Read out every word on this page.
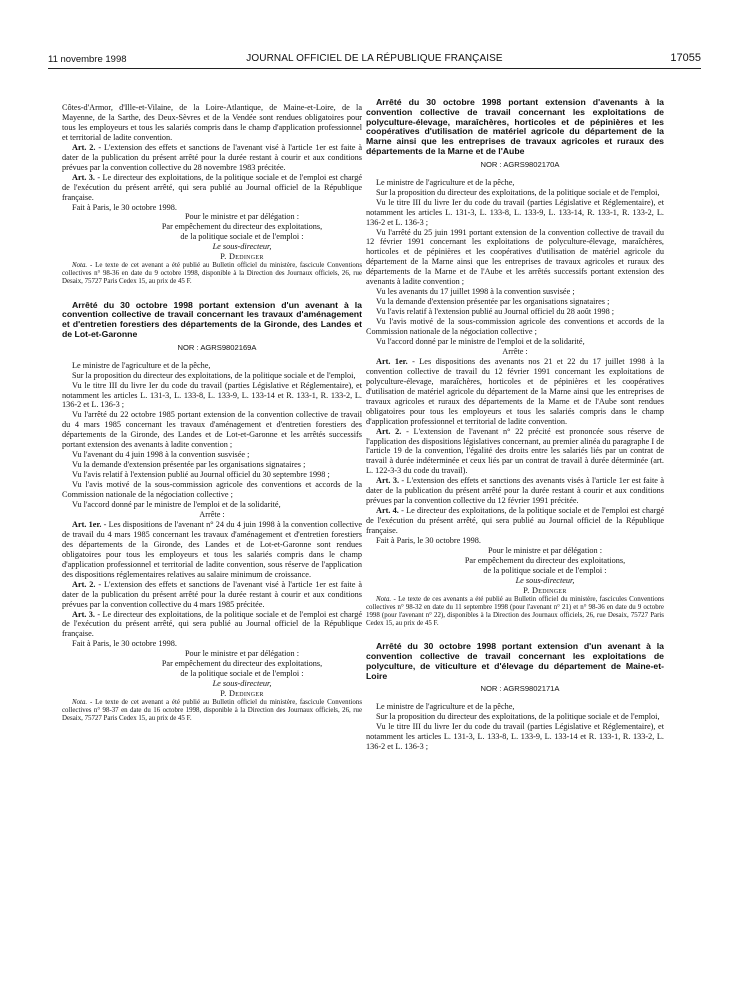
11 novembre 1998	JOURNAL OFFICIEL DE LA RÉPUBLIQUE FRANÇAISE	17055

Côtes-d'Armor, d'Ille-et-Vilaine, de la Loire-Atlantique, de Maine-et-Loire, de la Mayenne, de la Sarthe, des Deux-Sèvres et de la Vendée sont rendues obligatoires pour tous les employeurs et tous les salariés compris dans le champ d'application professionnel et territorial de ladite convention.

Art. 2. - L'extension des effets et sanctions de l'avenant visé à l'article 1er est faite à dater de la publication du présent arrêté pour la durée restant à courir et aux conditions prévues par la convention collective du 28 novembre 1983 précitée.

Art. 3. - Le directeur des exploitations, de la politique sociale et de l'emploi est chargé de l'exécution du présent arrêté, qui sera publié au Journal officiel de la République française.

Fait à Paris, le 30 octobre 1998.

Pour le ministre et par délégation :

Par empêchement du directeur des exploitations,

de la politique sociale et de l'emploi :

Le sous-directeur,

P. Dedinger

Nota. - Le texte de cet avenant a été publié au Bulletin officiel du ministère, fascicule Conventions collectives n° 98-36 en date du 9 octobre 1998, disponible à la Direction des Journaux officiels, 26, rue Desaix, 75727 Paris Cedex 15, au prix de 45 F.

Arrêté du 30 octobre 1998 portant extension d'un avenant à la convention collective de travail concernant les travaux d'aménagement et d'entretien forestiers des départements de la Gironde, des Landes et de Lot-et-Garonne

NOR : AGRS9802169A

Le ministre de l'agriculture et de la pêche,

Sur la proposition du directeur des exploitations, de la politique sociale et de l'emploi,

Vu le titre III du livre Ier du code du travail (parties Législative et Réglementaire), et notamment les articles L. 131-3, L. 133-8, L. 133-9, L. 133-14 et R. 133-1, R. 133-2, L. 136-2 et L. 136-3 ;

Vu l'arrêté du 22 octobre 1985 portant extension de la convention collective de travail du 4 mars 1985 concernant les travaux d'aménagement et d'entretien forestiers des départements de la Gironde, des Landes et de Lot-et-Garonne et les arrêtés successifs portant extension des avenants à ladite convention ;

Vu l'avenant du 4 juin 1998 à la convention susvisée ;

Vu la demande d'extension présentée par les organisations signataires ;

Vu l'avis relatif à l'extension publié au Journal officiel du 30 septembre 1998 ;

Vu l'avis motivé de la sous-commission agricole des conventions et accords de la Commission nationale de la négociation collective ;

Vu l'accord donné par le ministre de l'emploi et de la solidarité,

Arrête :

Art. 1er. - Les dispositions de l'avenant n° 24 du 4 juin 1998 à la convention collective de travail du 4 mars 1985 concernant les travaux d'aménagement et d'entretien forestiers des départements de la Gironde, des Landes et de Lot-et-Garonne sont rendues obligatoires pour tous les employeurs et tous les salariés compris dans le champ d'application professionnel et territorial de ladite convention, sous réserve de l'application des dispositions réglementaires relatives au salaire minimum de croissance.

Art. 2. - L'extension des effets et sanctions de l'avenant visé à l'article 1er est faite à dater de la publication du présent arrêté pour la durée restant à courir et aux conditions prévues par la convention collective du 4 mars 1985 précitée.

Art. 3. - Le directeur des exploitations, de la politique sociale et de l'emploi est chargé de l'exécution du présent arrêté, qui sera publié au Journal officiel de la République française.

Fait à Paris, le 30 octobre 1998.

Pour le ministre et par délégation :

Par empêchement du directeur des exploitations,

de la politique sociale et de l'emploi :

Le sous-directeur,

P. Dedinger

Nota. - Le texte de cet avenant a été publié au Bulletin officiel du ministère, fascicule Conventions collectives n° 98-37 en date du 16 octobre 1998, disponible à la Direction des Journaux officiels, 26, rue Desaix, 75727 Paris Cedex 15, au prix de 45 F.

Arrêté du 30 octobre 1998 portant extension d'avenants à la convention collective de travail concernant les exploitations de polyculture-élevage, maraîchères, horticoles et de pépinières et les coopératives d'utilisation de matériel agricole du département de la Marne ainsi que les entreprises de travaux agricoles et ruraux des départements de la Marne et de l'Aube

NOR : AGRS9802170A

Le ministre de l'agriculture et de la pêche,

Sur la proposition du directeur des exploitations, de la politique sociale et de l'emploi,

Vu le titre III du livre Ier du code du travail (parties Législative et Réglementaire), et notamment les articles L. 131-3, L. 133-8, L. 133-9, L. 133-14, R. 133-1, R. 133-2, L. 136-2 et L. 136-3 ;

Vu l'arrêté du 25 juin 1991 portant extension de la convention collective de travail du 12 février 1991 concernant les exploitations de polyculture-élevage, maraîchères, horticoles et de pépinières et les coopératives d'utilisation de matériel agricole du département de la Marne ainsi que les entreprises de travaux agricoles et ruraux des départements de la Marne et de l'Aube et les arrêtés successifs portant extension des avenants à ladite convention ;

Vu les avenants du 17 juillet 1998 à la convention susvisée ;

Vu la demande d'extension présentée par les organisations signataires ;

Vu l'avis relatif à l'extension publié au Journal officiel du 28 août 1998 ;

Vu l'avis motivé de la sous-commission agricole des conventions et accords de la Commission nationale de la négociation collective ;

Vu l'accord donné par le ministre de l'emploi et de la solidarité,

Arrête :

Art. 1er. - Les dispositions des avenants nos 21 et 22 du 17 juillet 1998 à la convention collective de travail du 12 février 1991 concernant les exploitations de polyculture-élevage, maraîchères, horticoles et de pépinières et les coopératives d'utilisation de matériel agricole du département de la Marne ainsi que les entreprises de travaux agricoles et ruraux des départements de la Marne et de l'Aube sont rendues obligatoires pour tous les employeurs et tous les salariés compris dans le champ d'application professionnel et territorial de ladite convention.

Art. 2. - L'extension de l'avenant n° 22 précité est prononcée sous réserve de l'application des dispositions législatives concernant, au premier alinéa du paragraphe I de l'article 19 de la convention, l'égalité des droits entre les salariés liés par un contrat de travail à durée indéterminée et ceux liés par un contrat de travail à durée déterminée (art. L. 122-3-3 du code du travail).

Art. 3. - L'extension des effets et sanctions des avenants visés à l'article 1er est faite à dater de la publication du présent arrêté pour la durée restant à courir et aux conditions prévues par la convention collective du 12 février 1991 précitée.

Art. 4. - Le directeur des exploitations, de la politique sociale et de l'emploi est chargé de l'exécution du présent arrêté, qui sera publié au Journal officiel de la République française.

Fait à Paris, le 30 octobre 1998.

Pour le ministre et par délégation :

Par empêchement du directeur des exploitations,

de la politique sociale et de l'emploi :

Le sous-directeur,

P. Dedinger

Nota. - Le texte de ces avenants a été publié au Bulletin officiel du ministère, fascicules Conventions collectives n° 98-32 en date du 11 septembre 1998 (pour l'avenant n° 21) et n° 98-36 en date du 9 octobre 1998 (pour l'avenant n° 22), disponibles à la Direction des Journaux officiels, 26, rue Desaix, 75727 Paris Cedex 15, au prix de 45 F.

Arrêté du 30 octobre 1998 portant extension d'un avenant à la convention collective de travail concernant les exploitations de polyculture, de viticulture et d'élevage du département de Maine-et-Loire

NOR : AGRS9802171A

Le ministre de l'agriculture et de la pêche,

Sur la proposition du directeur des exploitations, de la politique sociale et de l'emploi,

Vu le titre III du livre Ier du code du travail (parties Législative et Réglementaire), et notamment les articles L. 131-3, L. 133-8, L. 133-9, L. 133-14 et R. 133-1, R. 133-2, L. 136-2 et L. 136-3 ;
